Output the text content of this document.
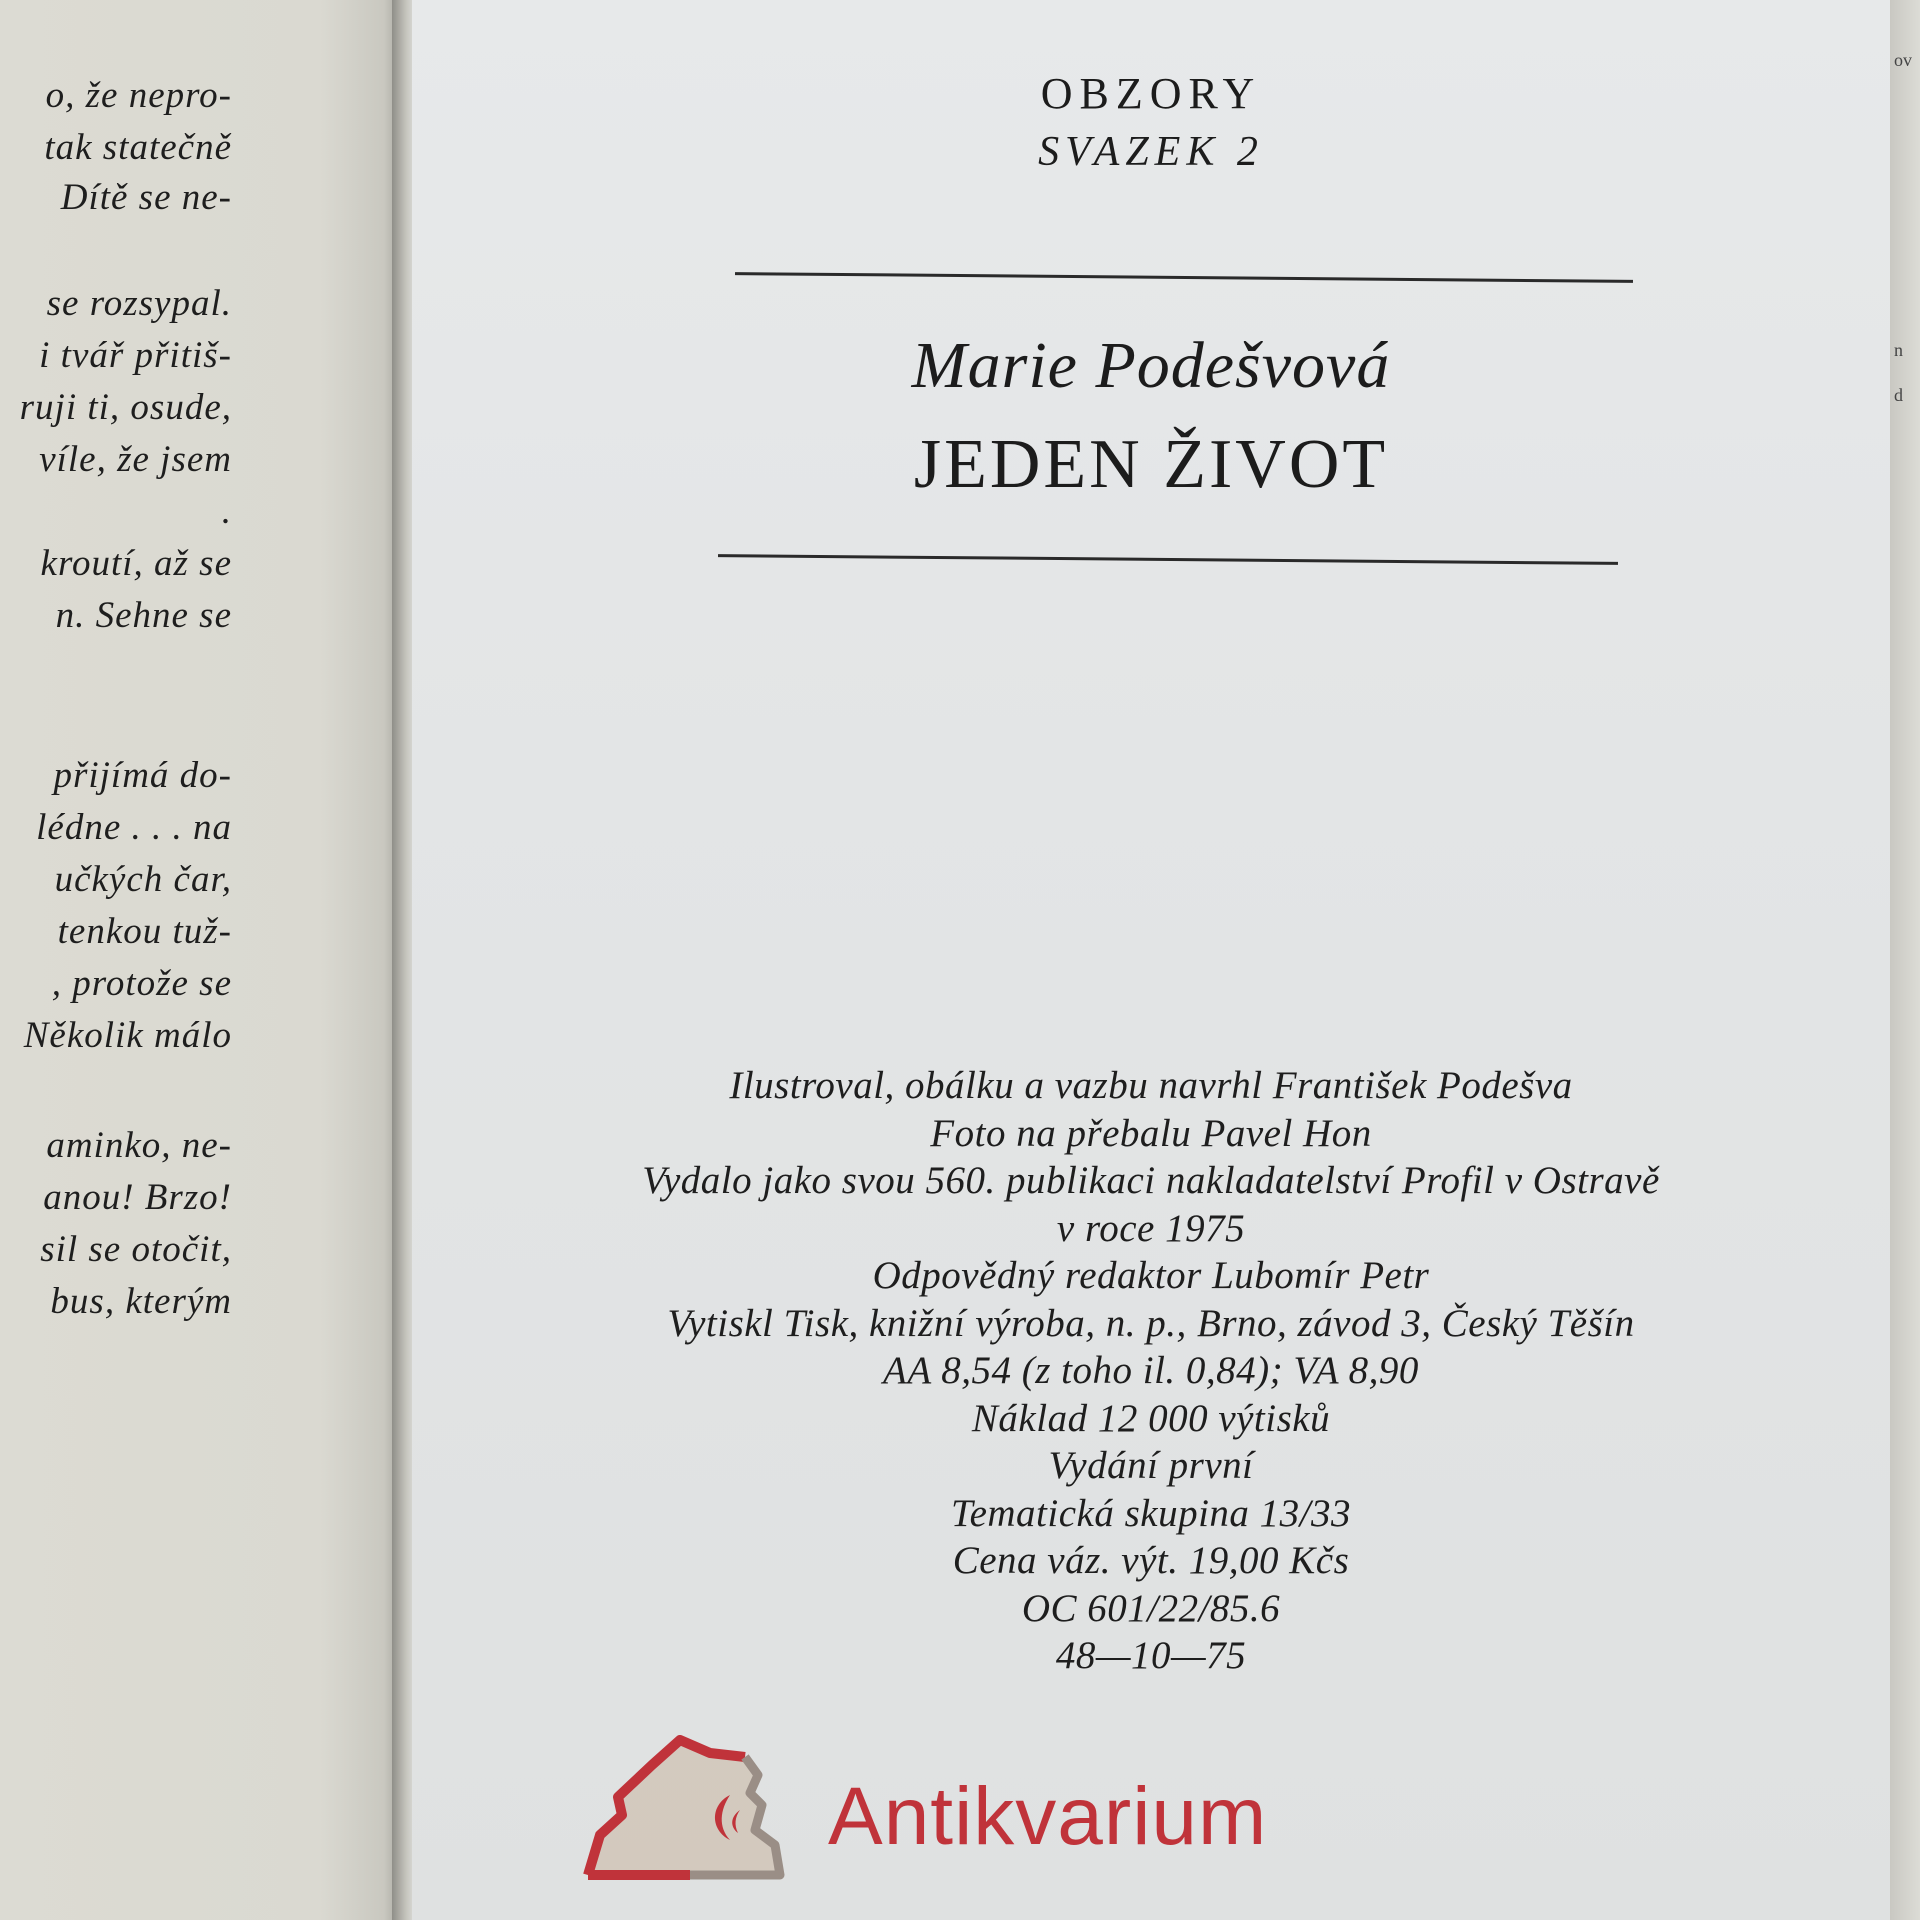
o, že nepro-
tak statečně
Dítě se ne-
se rozsypal.
i tvář přitiš-
ruji ti, osude,
víle, že jsem
.
kroutí, až se
n. Sehne se
přijímá do-
lédne . . . na
učkých čar,
tenkou tuž-
, protože se
Několik málo
aminko, ne-
anou! Brzo!
sil se otočit,
bus, kterým
ov
n
d
OBZORY
SVAZEK 2
Marie Podešvová
JEDEN ŽIVOT
Ilustroval, obálku a vazbu navrhl František Podešva
Foto na přebalu Pavel Hon
Vydalo jako svou 560. publikaci nakladatelství Profil v Ostravě
v roce 1975
Odpovědný redaktor Lubomír Petr
Vytiskl Tisk, knižní výroba, n. p., Brno, závod 3, Český Těšín
AA 8,54 (z toho il. 0,84); VA 8,90
Náklad 12 000 výtisků
Vydání první
Tematická skupina 13/33
Cena váz. výt. 19,00 Kčs
OC 601/22/85.6
48—10—75
Antikvarium
